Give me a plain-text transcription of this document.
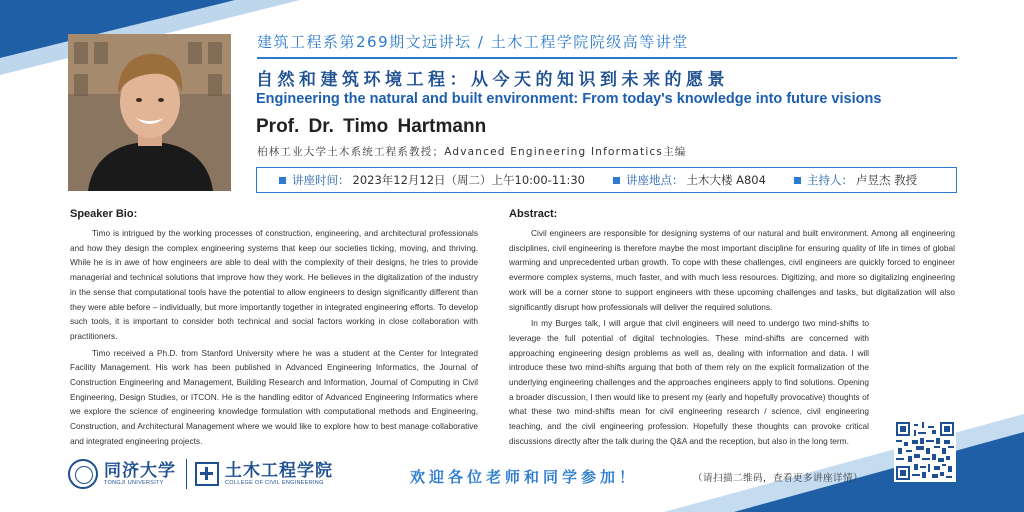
建筑工程系第269期文远讲坛 / 土木工程学院院级高等讲堂
自然和建筑环境工程：从今天的知识到未来的愿景
Engineering the natural and built environment: From today's knowledge into future visions
Prof. Dr. Timo Hartmann
柏林工业大学土木系统工程系教授；Advanced Engineering Informatics主编
讲座时间： 2023年12月12日（周二）上午10:00-11:30	讲座地点： 土木大楼 A804	主持人： 卢昱杰 教授
Speaker Bio:

Timo is intrigued by the working processes of construction, engineering, and architectural professionals and how they design the complex engineering systems that keep our societies ticking, moving, and thriving. While he is in awe of how engineers are able to deal with the complexity of their designs, he tries to provide managerial and technical solutions that improve how they work. He believes in the digitalization of the industry in the sense that computational tools have the potential to allow engineers to design significantly different than they were able before – individually, but more importantly together in integrated engineering efforts. To develop such tools, it is important to consider both technical and social factors working in close collaboration with practitioners.

Timo received a Ph.D. from Stanford University where he was a student at the Center for Integrated Facility Management. His work has been published in Advanced Engineering Informatics, the Journal of Construction Engineering and Management, Building Research and Information, Journal of Computing in Civil Engineering, Design Studies, or ITCON. He is the handling editor of Advanced Engineering Informatics where we explore the science of engineering knowledge formulation with computational methods and Engineering, Construction, and Architectural Management where we would like to explore how to best manage collaborative and integrated engineering projects.

Abstract:

Civil engineers are responsible for designing systems of our natural and built environment. Among all engineering disciplines, civil engineering is therefore maybe the most important discipline for ensuring quality of life in times of global warming and unprecedented urban growth. To cope with these challenges, civil engineers are quickly forced to engineer evermore complex systems, much faster, and with much less resources. Digitizing, and more so digitalizing engineering work will be a corner stone to support engineers with these upcoming challenges and tasks, but digitalization will also significantly disrupt how professionals will deliver the required solutions.

In my Burges talk, I will argue that civil engineers will need to undergo two mind-shifts to leverage the full potential of digital technologies. These mind-shifts are concerned with approaching engineering design problems as well as, dealing with information and data. I will introduce these two mind-shifts arguing that both of them rely on the explicit formalization of the underlying engineering challenges and the approaches engineers apply to find solutions. Opening a broader discussion, I then would like to present my (early and hopefully provocative) thoughts of what these two mind-shifts mean for civil engineering research / science, civil engineering teaching, and the civil engineering profession. Hopefully these thoughts can provoke critical discussions directly after the talk during the Q&A and the reception, but also in the long term.

同济大学
TONGJI UNIVERSITY
土木工程学院
COLLEGE OF CIVIL ENGINEERING	欢迎各位老师和同学参加！	（请扫描二维码，查看更多讲座详情）
